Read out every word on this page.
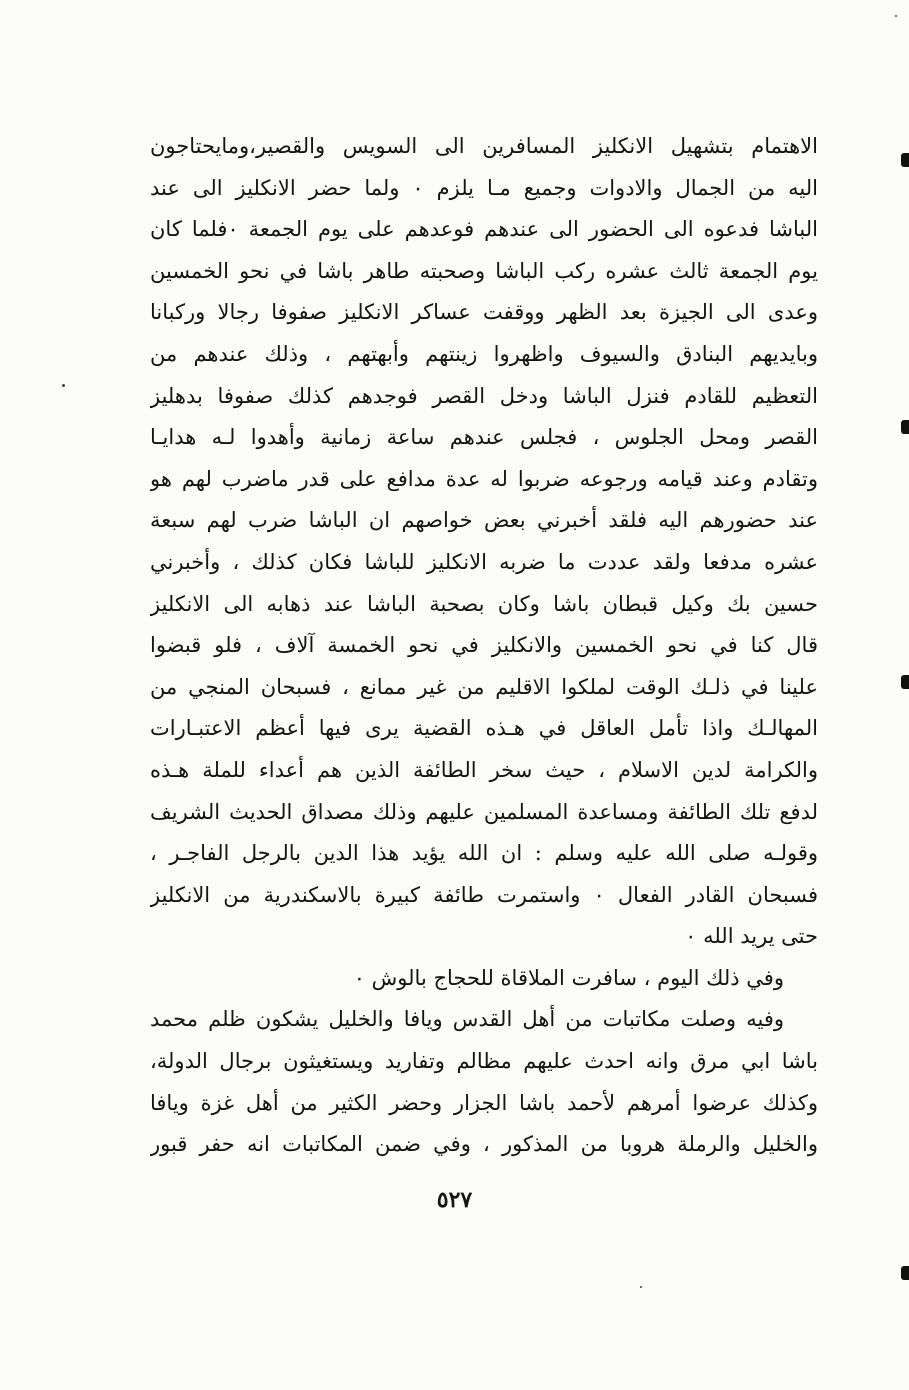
الاهتمام بتشهيل الانكليز المسافرين الى السويس والقصير،ومايحتاجون
اليه من الجمال والادوات وجميع مـا يلزم ٠ ولما حضر الانكليز الى عند
الباشا فدعوه الى الحضور الى عندهم فوعدهم على يوم الجمعة ٠فلما كان
يوم الجمعة ثالث عشره ركب الباشا وصحبته طاهر باشا في نحو الخمسين
وعدى الى الجيزة بعد الظهر ووقفت عساكر الانكليز صفوفا رجالا وركبانا
وبايديهم البنادق والسيوف واظهروا زينتهم وأبهتهم ، وذلك عندهم من
التعظيم للقادم فنزل الباشا ودخل القصر فوجدهم كذلك صفوفا بدهليز
القصر ومحل الجلوس ، فجلس عندهم ساعة زمانية وأهدوا لـه هدايـا
وتقادم وعند قيامه ورجوعه ضربوا له عدة مدافع على قدر ماضرب لهم هو
عند حضورهم اليه فلقد أخبرني بعض خواصهم ان الباشا ضرب لهم سبعة
عشره مدفعا ولقد عددت ما ضربه الانكليز للباشا فكان كذلك ، وأخبرني
حسين بك وكيل قبطان باشا وكان بصحبة الباشا عند ذهابه الى الانكليز
قال كنا في نحو الخمسين والانكليز في نحو الخمسة آلاف ، فلو قبضوا
علينا في ذلـك الوقت لملكوا الاقليم من غير ممانع ، فسبحان المنجي من
المهالـك واذا تأمل العاقل في هـذه القضية يرى فيها أعظم الاعتبـارات
والكرامة لدين الاسلام ، حيث سخر الطائفة الذين هم أعداء للملة هـذه
لدفع تلك الطائفة ومساعدة المسلمين عليهم وذلك مصداق الحديث الشريف
وقولـه صلى الله عليه وسلم : ان الله يؤيد هذا الدين بالرجل الفاجـر ،
فسبحان القادر الفعال ٠ واستمرت طائفة كبيرة بالاسكندرية من الانكليز
حتى يريد الله ٠
وفي ذلك اليوم ، سافرت الملاقاة للحجاج بالوش ٠
وفيه وصلت مكاتبات من أهل القدس ويافا والخليل يشكون ظلم محمد
باشا ابي مرق وانه احدث عليهم مظالم وتفاريد ويستغيثون برجال الدولة،
وكذلك عرضوا أمرهم لأحمد باشا الجزار وحضر الكثير من أهل غزة ويافا
والخليل والرملة هروبا من المذكور ، وفي ضمن المكاتبات انه حفر قبور
٥٢٧
